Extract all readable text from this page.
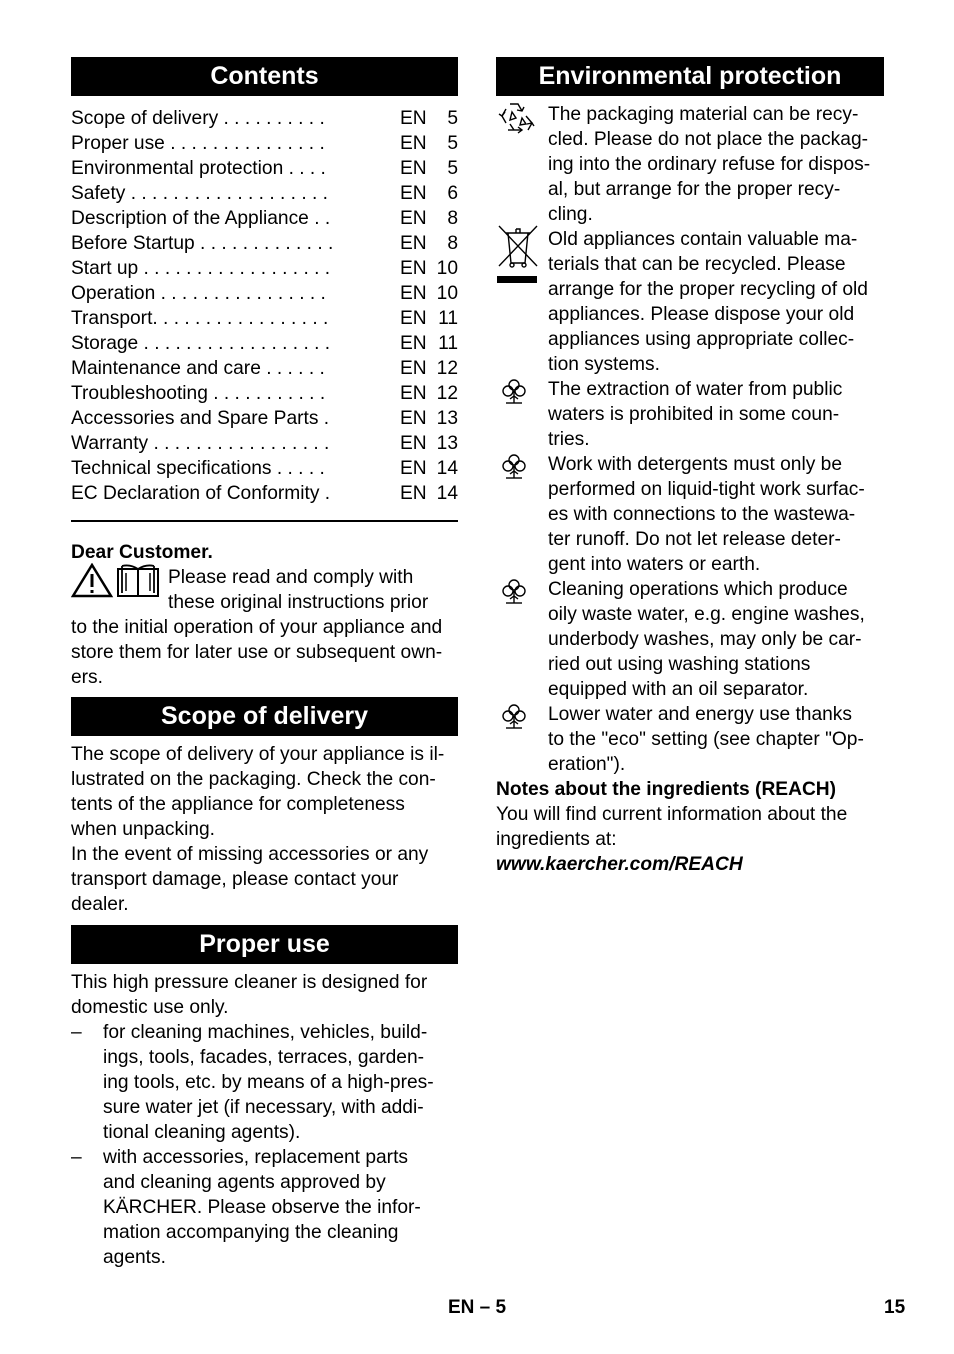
Contents
Scope of delivery . . . . . . . . . .	EN	5
Proper use . . . . . . . . . . . . . . .	EN	5
Environmental protection . . . .	EN	5
Safety . . . . . . . . . . . . . . . . . . .	EN	6
Description of the Appliance . .	EN	8
Before Startup . . . . . . . . . . . . .	EN	8
Start up . . . . . . . . . . . . . . . . . .	EN 10
Operation . . . . . . . . . . . . . . . .	EN 10
Transport. . . . . . . . . . . . . . . . .	EN 11
Storage . . . . . . . . . . . . . . . . . .	EN 11
Maintenance and care . . . . . .	EN 12
Troubleshooting . . . . . . . . . . .	EN 12
Accessories and Spare Parts .	EN 13
Warranty . . . . . . . . . . . . . . . . .	EN 13
Technical specifications . . . . .	EN 14
EC Declaration of Conformity .	EN 14
Dear Customer.
Please read and comply with
these original instructions prior
to the initial operation of your appliance and
store them for later use or subsequent own-
ers.
Scope of delivery
The scope of delivery of your appliance is il-
lustrated on the packaging. Check the con-
tents of the appliance for completeness
when unpacking.
In the event of missing accessories or any
transport damage, please contact your
dealer.
Proper use
This high pressure cleaner is designed for
domestic use only.
– for cleaning machines, vehicles, build-
ings, tools, facades, terraces, garden-
ing tools, etc. by means of a high-pres-
sure water jet (if necessary, with addi-
tional cleaning agents).
– with accessories, replacement parts
and cleaning agents approved by
KÄRCHER. Please observe the infor-
mation accompanying the cleaning
agents.
Environmental protection
The packaging material can be recy-
cled. Please do not place the packag-
ing into the ordinary refuse for dispos-
al, but arrange for the proper recy-
cling.
Old appliances contain valuable ma-
terials that can be recycled. Please
arrange for the proper recycling of old
appliances. Please dispose your old
appliances using appropriate collec-
tion systems.
The extraction of water from public
waters is prohibited in some coun-
tries.
Work with detergents must only be
performed on liquid-tight work surfac-
es with connections to the wastewa-
ter runoff. Do not let release deter-
gent into waters or earth.
Cleaning operations which produce
oily waste water, e.g. engine washes,
underbody washes, may only be car-
ried out using washing stations
equipped with an oil separator.
Lower water and energy use thanks
to the "eco" setting (see chapter "Op-
eration").
Notes about the ingredients (REACH)
You will find current information about the
ingredients at:
www.kaercher.com/REACH
EN – 5	15
